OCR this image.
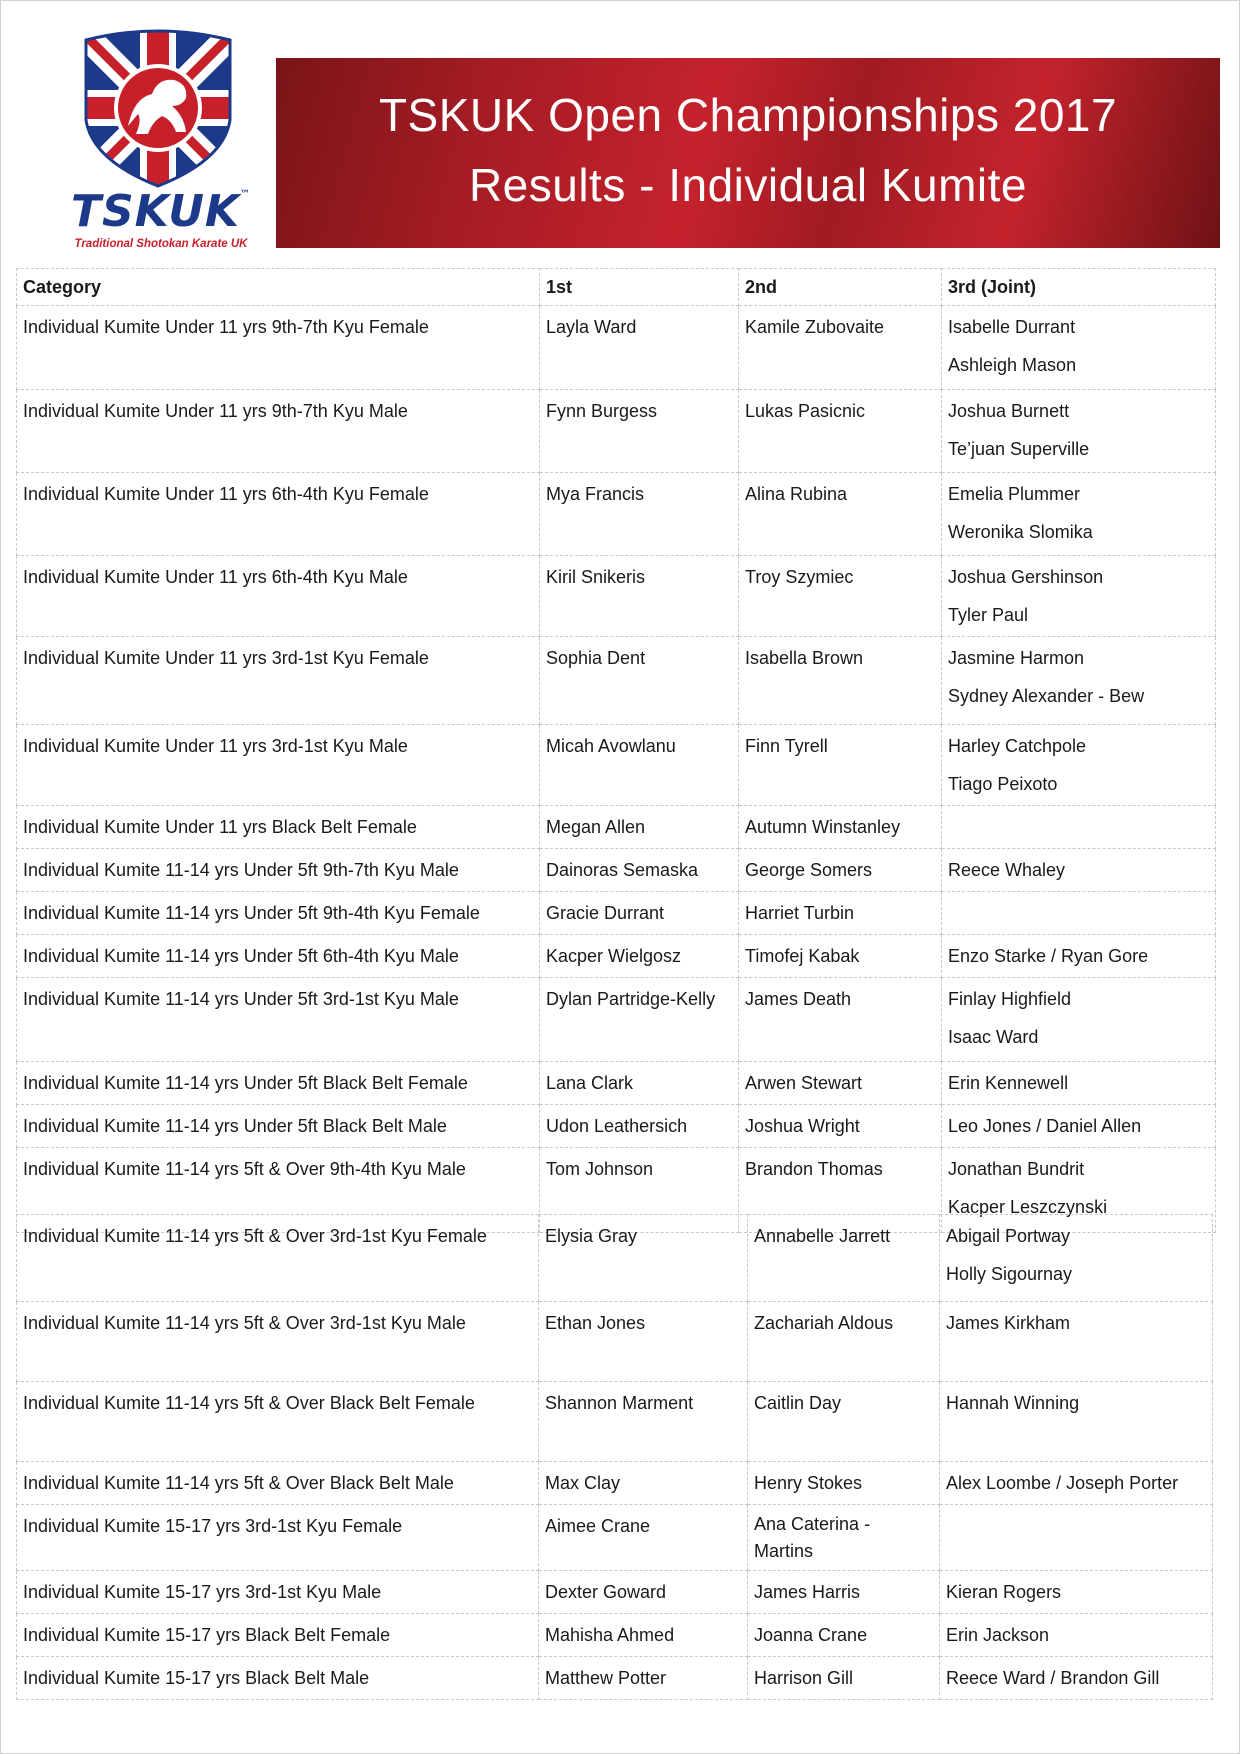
TSKUK™
Traditional Shotokan Karate UK
TSKUK Open Championships 2017
Results - Individual Kumite
Category	1st	2nd	3rd (Joint)
Individual Kumite Under 11 yrs 9th-7th Kyu Female	Layla Ward	Kamile Zubovaite	Isabelle Durrant
Ashleigh Mason

Individual Kumite Under 11 yrs 9th-7th Kyu Male	Fynn Burgess	Lukas Pasicnic	Joshua Burnett
Te’juan Superville

Individual Kumite Under 11 yrs 6th-4th Kyu Female	Mya Francis	Alina Rubina	Emelia Plummer
Weronika Slomika

Individual Kumite Under 11 yrs 6th-4th Kyu Male	Kiril Snikeris	Troy Szymiec	Joshua Gershinson
Tyler Paul

Individual Kumite Under 11 yrs 3rd-1st Kyu Female	Sophia Dent	Isabella Brown	Jasmine Harmon
Sydney Alexander - Bew

Individual Kumite Under 11 yrs 3rd-1st Kyu Male	Micah Avowlanu	Finn Tyrell	Harley Catchpole
Tiago Peixoto

Individual Kumite Under 11 yrs Black Belt Female	Megan Allen	Autumn Winstanley	
Individual Kumite 11-14 yrs Under 5ft 9th-7th Kyu Male	Dainoras Semaska	George Somers	Reece Whaley

Individual Kumite 11-14 yrs Under 5ft 9th-4th Kyu Female	Gracie Durrant	Harriet Turbin	
Individual Kumite 11-14 yrs Under 5ft 6th-4th Kyu Male	Kacper Wielgosz	Timofej Kabak	Enzo Starke / Ryan Gore

Individual Kumite 11-14 yrs Under 5ft 3rd-1st Kyu Male	Dylan Partridge-Kelly	James Death	Finlay Highfield
Isaac Ward

Individual Kumite 11-14 yrs Under 5ft Black Belt Female	Lana Clark	Arwen Stewart	Erin Kennewell

Individual Kumite 11-14 yrs Under 5ft Black Belt Male	Udon Leathersich	Joshua Wright	Leo Jones / Daniel Allen

Individual Kumite 11-14 yrs 5ft & Over 9th-4th Kyu Male	Tom Johnson	Brandon Thomas	Jonathan Bundrit
Kacper Leszczynski
Individual Kumite 11-14 yrs 5ft & Over 3rd-1st Kyu Female	Elysia Gray	Annabelle Jarrett	Abigail Portway
Holly Sigournay

Individual Kumite 11-14 yrs 5ft & Over 3rd-1st Kyu Male	Ethan Jones	Zachariah Aldous	James Kirkham

Individual Kumite 11-14 yrs 5ft & Over Black Belt Female	Shannon Marment	Caitlin Day	Hannah Winning

Individual Kumite 11-14 yrs 5ft & Over Black Belt Male	Max Clay	Henry Stokes	Alex Loombe / Joseph Porter

Individual Kumite 15-17 yrs 3rd-1st Kyu Female	Aimee Crane	Ana Caterina - Martins	
Individual Kumite 15-17 yrs 3rd-1st Kyu Male	Dexter Goward	James Harris	Kieran Rogers

Individual Kumite 15-17 yrs Black Belt Female	Mahisha Ahmed	Joanna Crane	Erin Jackson

Individual Kumite 15-17 yrs Black Belt Male	Matthew Potter	Harrison Gill	Reece Ward / Brandon Gill
